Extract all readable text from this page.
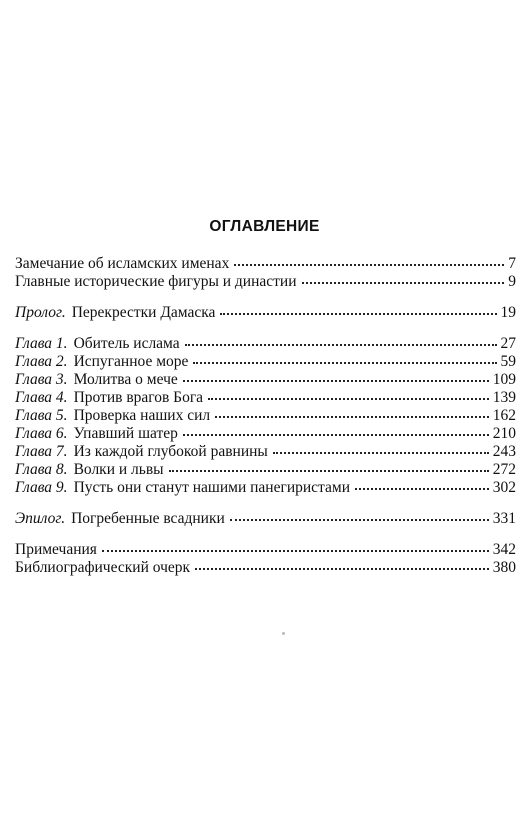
ОГЛАВЛЕНИЕ
Замечание об исламских именах	7
Главные исторические фигуры и династии	9
Пролог. Перекрестки Дамаска	19
Глава 1. Обитель ислама	27
Глава 2. Испуганное море	59
Глава 3. Молитва о мече	109
Глава 4. Против врагов Бога	139
Глава 5. Проверка наших сил	162
Глава 6. Упавший шатер	210
Глава 7. Из каждой глубокой равнины	243
Глава 8. Волки и львы	272
Глава 9. Пусть они станут нашими панегиристами	302
Эпилог. Погребенные всадники	331
Примечания	342
Библиографический очерк	380
